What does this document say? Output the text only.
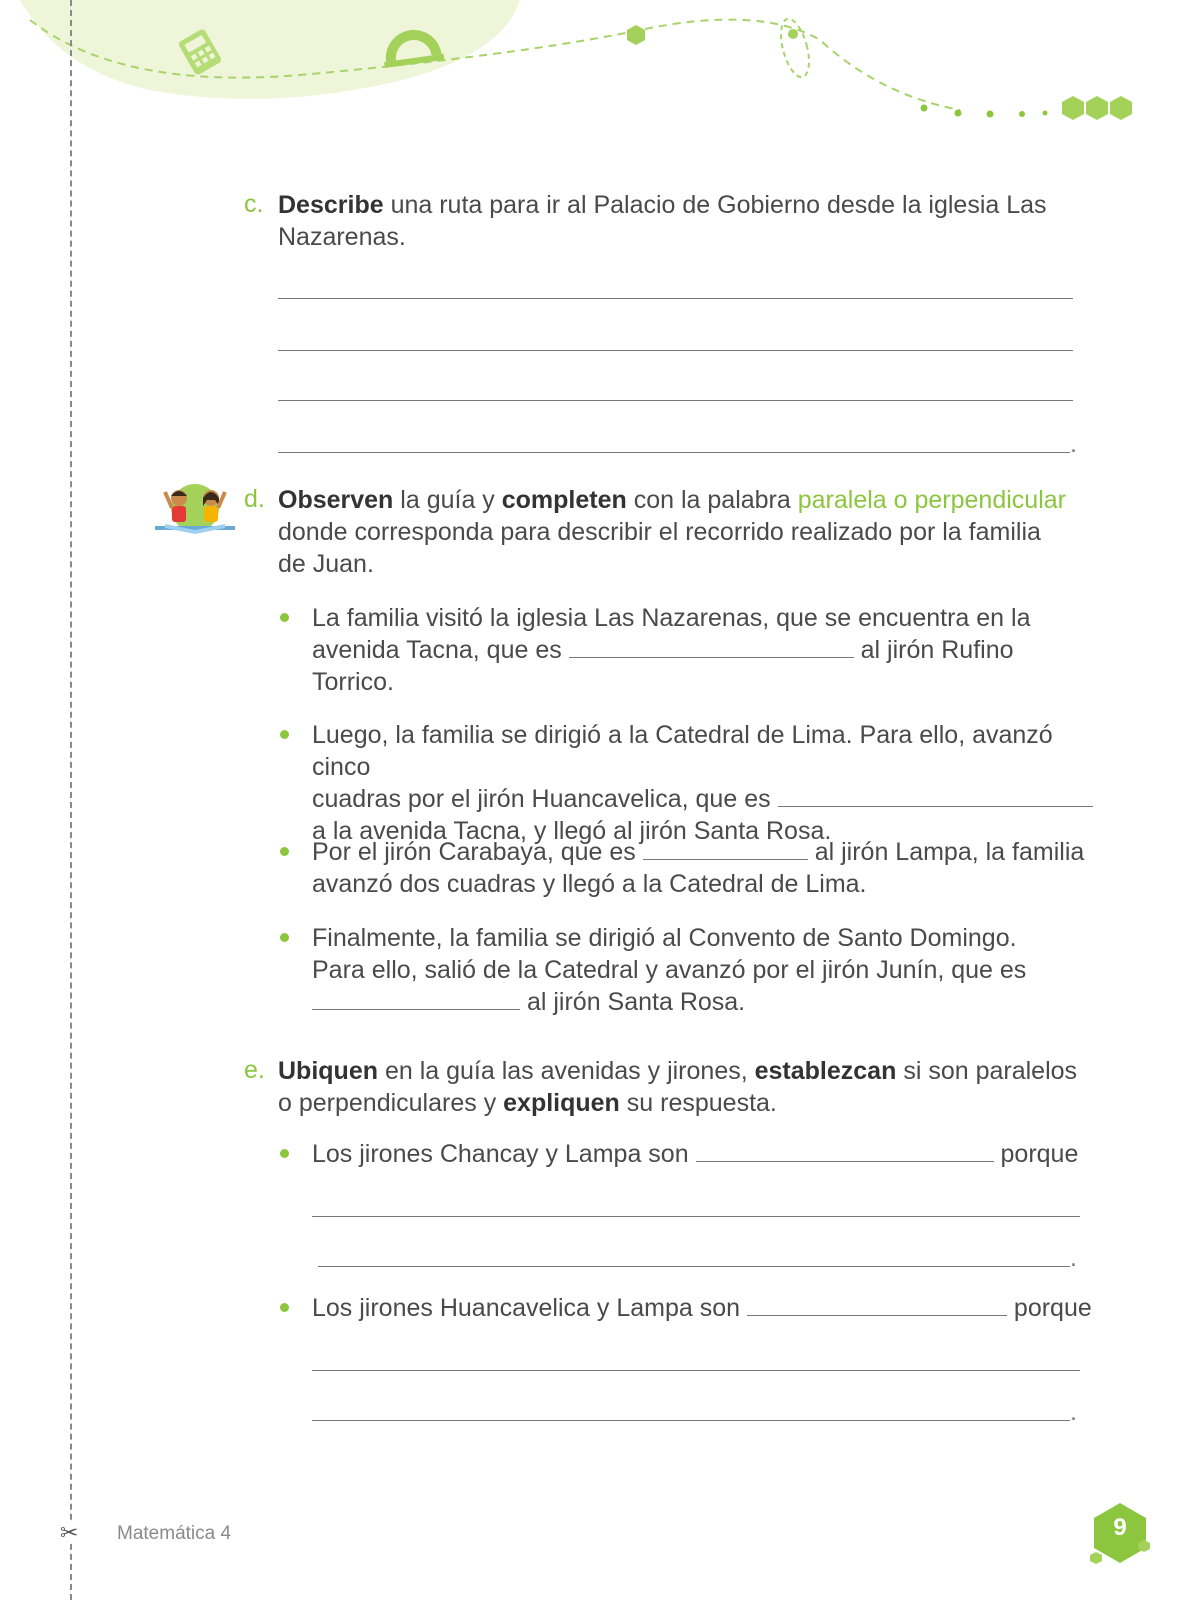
✂
c. Describe una ruta para ir al Palacio de Gobierno desde la iglesia Las
Nazarenas.
.
d. Observen la guía y completen con la palabra paralela o perpendicular
donde corresponda para describir el recorrido realizado por la familia
de Juan.
La familia visitó la iglesia Las Nazarenas, que se encuentra en la
avenida Tacna, que es	al jirón Rufino
Torrico.
Luego, la familia se dirigió a la Catedral de Lima. Para ello, avanzó cinco
cuadras por el jirón Huancavelica, que es
a la avenida Tacna, y llegó al jirón Santa Rosa.
Por el jirón Carabaya, que es	al jirón Lampa, la familia
avanzó dos cuadras y llegó a la Catedral de Lima.
Finalmente, la familia se dirigió al Convento de Santo Domingo.
Para ello, salió de la Catedral y avanzó por el jirón Junín, que es
al jirón Santa Rosa.
e. Ubiquen en la guía las avenidas y jirones, establezcan si son paralelos
o perpendiculares y expliquen su respuesta.
Los jirones Chancay y Lampa son	porque
.
Los jirones Huancavelica y Lampa son	porque
.
Matemática 4	9
